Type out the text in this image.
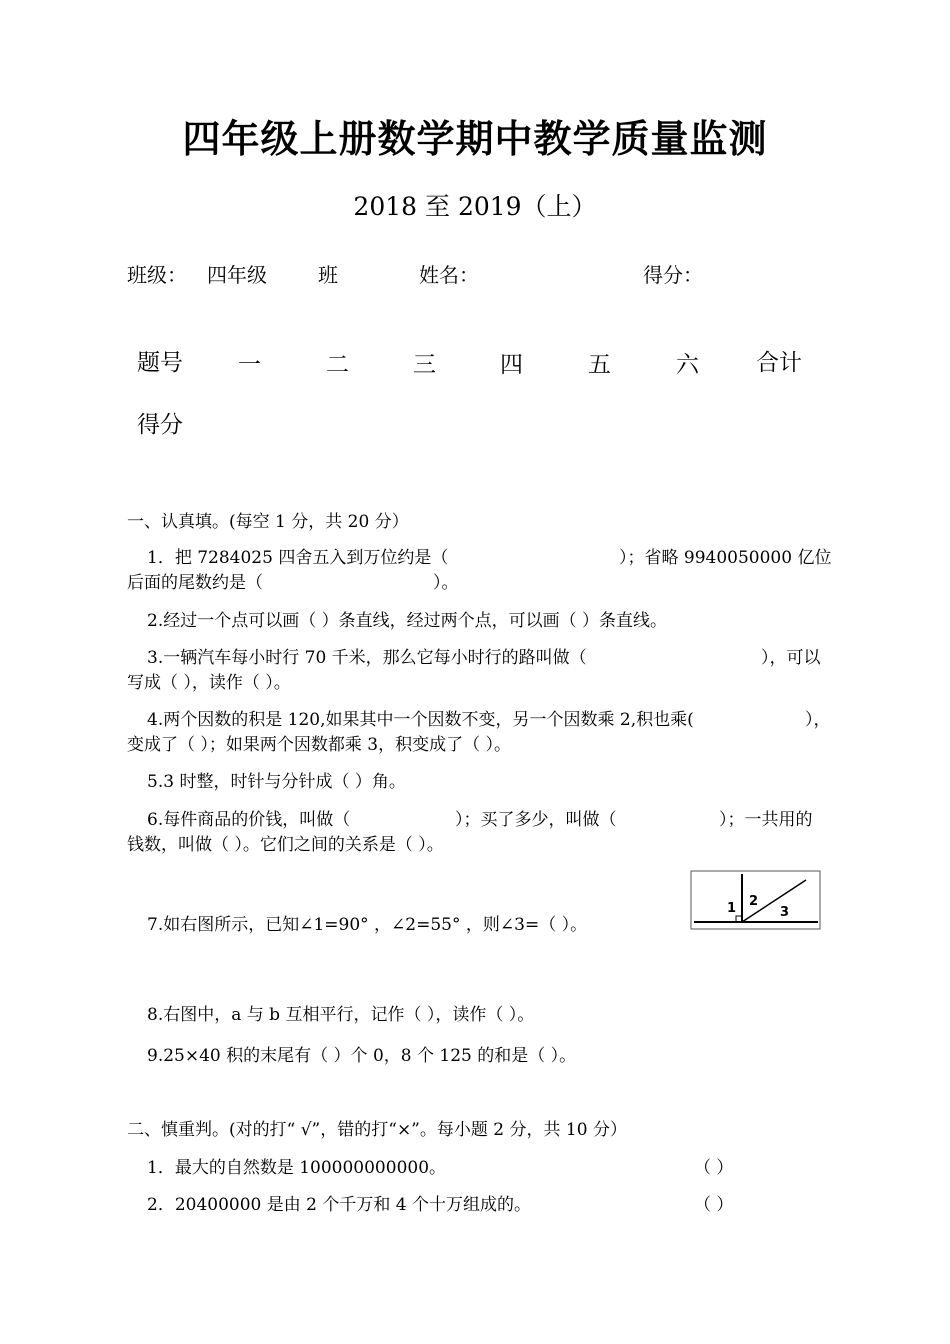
四年级上册数学期中教学质量监测
2018 至 2019（上）
班级： 四年级	班	姓名：	得分：
题号 一	二	三	四	五	六 合计
得分
一、认真填。(每空 1 分，共 20 分）
1．把 7284025 四舍五入到万位约是（	）；省略 9940050000 亿位
后面的尾数约是（	）。
2.经过一个点可以画（ ）条直线，经过两个点，可以画（ ）条直线。
3.一辆汽车每小时行 70 千米，那么它每小时行的路叫做（	），可以
写成（ ），读作（ ）。
4.两个因数的积是 120,如果其中一个因数不变，另一个因数乘 2,积也乘(	），
变成了（ ）；如果两个因数都乘 3，积变成了（ ）。
5.3 时整，时针与分针成（ ）角。
6.每件商品的价钱，叫做（	）；买了多少，叫做（	）；一共用的
钱数，叫做（ ）。它们之间的关系是（ ）。
7.如右图所示，已知∠1=90° ，∠2=55° ，则∠3=（ ）。
1 2
3
8.右图中，a 与 b 互相平行，记作（ ），读作（ ）。
9.25×40 积的末尾有（ ）个 0，8 个 125 的和是（ ）。
二、慎重判。(对的打“ √”，错的打“×”。每小题 2 分，共 10 分）
1．最大的自然数是 100000000000。	（ ）
2．20400000 是由 2 个千万和 4 个十万组成的。	（ ）
